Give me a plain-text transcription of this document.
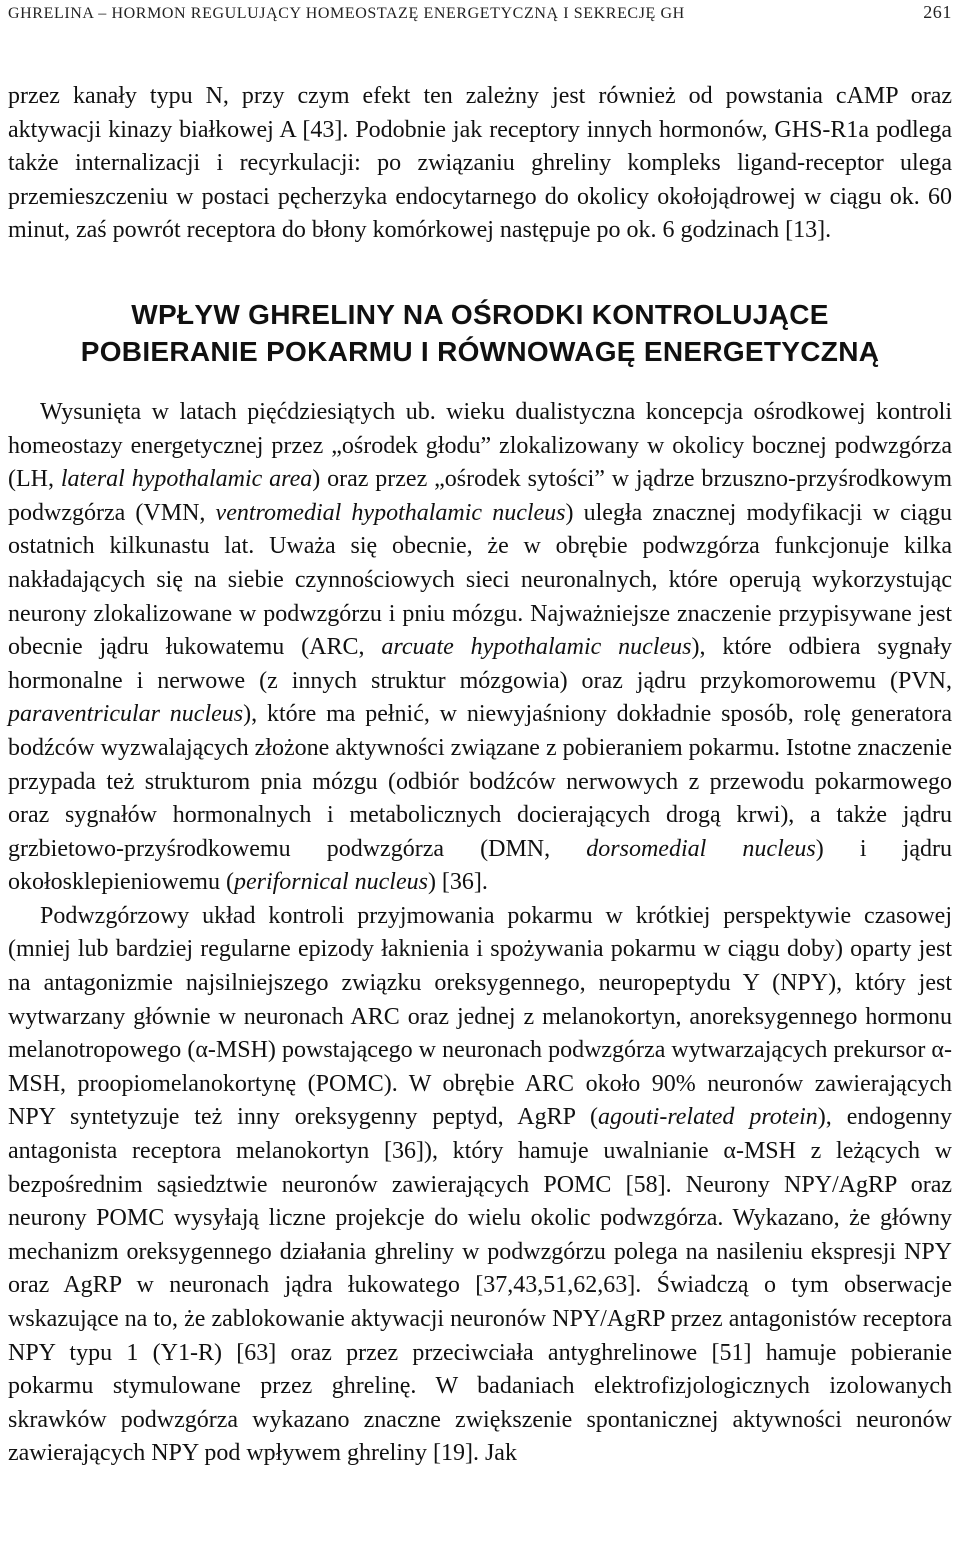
GHRELINA – HORMON REGULUJĄCY HOMEOSTAZĘ ENERGETYCZNĄ I SEKRECJĘ GH	261

przez kanały typu N, przy czym efekt ten zależny jest również od powstania cAMP oraz aktywacji kinazy białkowej A [43]. Podobnie jak receptory innych hormonów, GHS-R1a podlega także internalizacji i recyrkulacji: po związaniu ghreliny kompleks ligand-receptor ulega przemieszczeniu w postaci pęcherzyka endocytarnego do okolicy okołojądrowej w ciągu ok. 60 minut, zaś powrót receptora do błony komórkowej następuje po ok. 6 godzinach [13].

WPŁYW GHRELINY NA OŚRODKI KONTROLUJĄCE
POBIERANIE POKARMU I RÓWNOWAGĘ ENERGETYCZNĄ

Wysunięta w latach pięćdziesiątych ub. wieku dualistyczna koncepcja ośrodkowej kontroli homeostazy energetycznej przez „ośrodek głodu” zlokalizowany w okolicy bocznej podwzgórza (LH, lateral hypothalamic area) oraz przez „ośrodek sytości” w jądrze brzuszno-przyśrodkowym podwzgórza (VMN, ventromedial hypothalamic nucleus) uległa znacznej modyfikacji w ciągu ostatnich kilkunastu lat. Uważa się obecnie, że w obrębie podwzgórza funkcjonuje kilka nakładających się na siebie czynnościowych sieci neuronalnych, które operują wykorzystując neurony zlokalizowane w podwzgórzu i pniu mózgu. Najważniejsze znaczenie przypisywane jest obecnie jądru łukowatemu (ARC, arcuate hypothalamic nucleus), które odbiera sygnały hormonalne i nerwowe (z innych struktur mózgowia) oraz jądru przykomorowemu (PVN, paraventricular nucleus), które ma pełnić, w niewyjaśniony dokładnie sposób, rolę generatora bodźców wyzwalających złożone aktywności związane z pobieraniem pokarmu. Istotne znaczenie przypada też strukturom pnia mózgu (odbiór bodźców nerwowych z przewodu pokarmowego oraz sygnałów hormonalnych i metabolicznych docierających drogą krwi), a także jądru grzbietowo-przyśrodkowemu podwzgórza (DMN, dorsomedial nucleus) i jądru okołosklepieniowemu (perifornical nucleus) [36].

Podwzgórzowy układ kontroli przyjmowania pokarmu w krótkiej perspektywie czasowej (mniej lub bardziej regularne epizody łaknienia i spożywania pokarmu w ciągu doby) oparty jest na antagonizmie najsilniejszego związku oreksygennego, neuropeptydu Y (NPY), który jest wytwarzany głównie w neuronach ARC oraz jednej z melanokortyn, anoreksygennego hormonu melanotropowego (α-MSH) powstającego w neuronach podwzgórza wytwarzających prekursor α-MSH, proopiomelanokortynę (POMC). W obrębie ARC około 90% neuronów zawierających NPY syntetyzuje też inny oreksygenny peptyd, AgRP (agouti-related protein), endogenny antagonista receptora melanokortyn [36]), który hamuje uwalnianie α-MSH z leżących w bezpośrednim sąsiedztwie neuronów zawierających POMC [58]. Neurony NPY/AgRP oraz neurony POMC wysyłają liczne projekcje do wielu okolic podwzgórza. Wykazano, że główny mechanizm oreksygennego działania ghreliny w podwzgórzu polega na nasileniu ekspresji NPY oraz AgRP w neuronach jądra łukowatego [37,43,51,62,63]. Świadczą o tym obserwacje wskazujące na to, że zablokowanie aktywacji neuronów NPY/AgRP przez antagonistów receptora NPY typu 1 (Y1-R) [63] oraz przez przeciwciała antyghrelinowe [51] hamuje pobieranie pokarmu stymulowane przez ghrelinę. W badaniach elektrofizjologicznych izolowanych skrawków podwzgórza wykazano znaczne zwiększenie spontanicznej aktywności neuronów zawierających NPY pod wpływem ghreliny [19]. Jak
